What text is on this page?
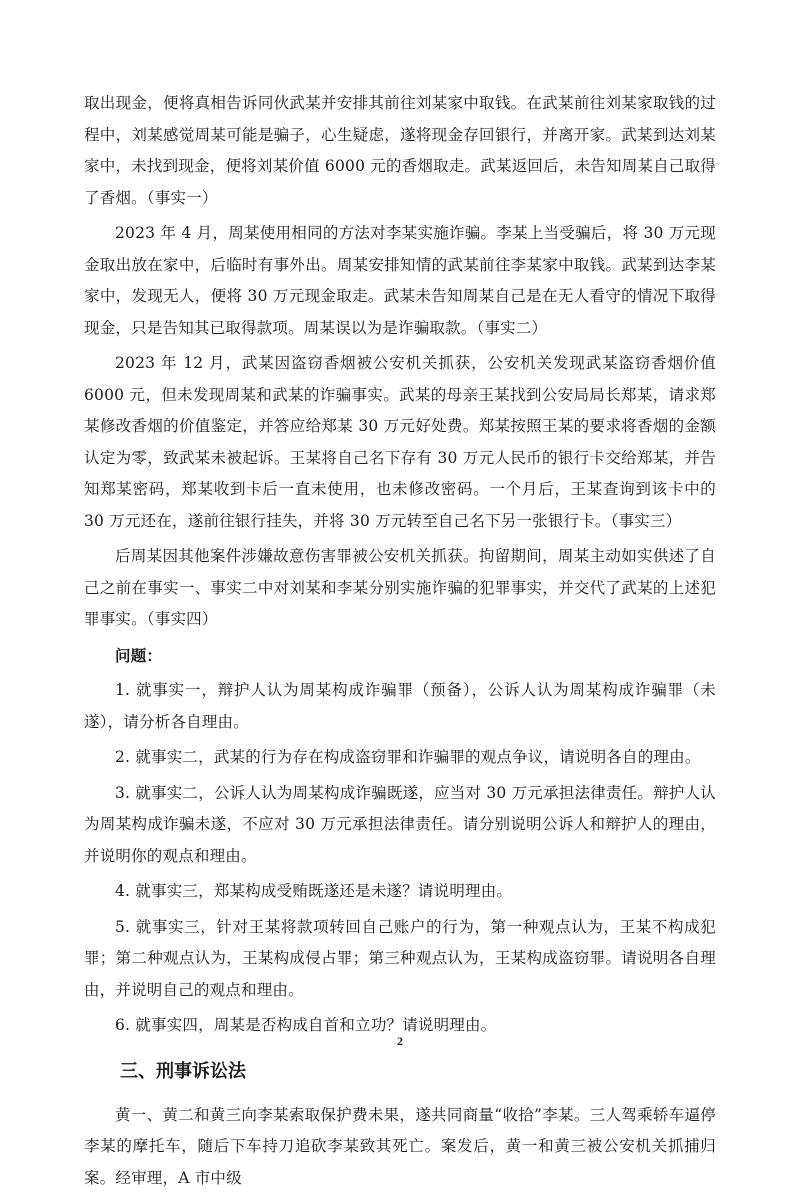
取出现金，便将真相告诉同伙武某并安排其前往刘某家中取钱。在武某前往刘某家取钱的过程中，刘某感觉周某可能是骗子，心生疑虑，遂将现金存回银行，并离开家。武某到达刘某家中，未找到现金，便将刘某价值 6000 元的香烟取走。武某返回后，未告知周某自己取得了香烟。（事实一）

2023 年 4 月，周某使用相同的方法对李某实施诈骗。李某上当受骗后，将 30 万元现金取出放在家中，后临时有事外出。周某安排知情的武某前往李某家中取钱。武某到达李某家中，发现无人，便将 30 万元现金取走。武某未告知周某自己是在无人看守的情况下取得现金，只是告知其已取得款项。周某误以为是诈骗取款。（事实二）

2023 年 12 月，武某因盗窃香烟被公安机关抓获，公安机关发现武某盗窃香烟价值 6000 元，但未发现周某和武某的诈骗事实。武某的母亲王某找到公安局局长郑某，请求郑某修改香烟的价值鉴定，并答应给郑某 30 万元好处费。郑某按照王某的要求将香烟的金额认定为零，致武某未被起诉。王某将自己名下存有 30 万元人民币的银行卡交给郑某，并告知郑某密码，郑某收到卡后一直未使用，也未修改密码。一个月后，王某查询到该卡中的 30 万元还在，遂前往银行挂失，并将 30 万元转至自己名下另一张银行卡。（事实三）

后周某因其他案件涉嫌故意伤害罪被公安机关抓获。拘留期间，周某主动如实供述了自己之前在事实一、事实二中对刘某和李某分别实施诈骗的犯罪事实，并交代了武某的上述犯罪事实。（事实四）

问题：

1. 就事实一，辩护人认为周某构成诈骗罪（预备），公诉人认为周某构成诈骗罪（未遂），请分析各自理由。

2. 就事实二，武某的行为存在构成盗窃罪和诈骗罪的观点争议，请说明各自的理由。

3. 就事实二，公诉人认为周某构成诈骗既遂，应当对 30 万元承担法律责任。辩护人认为周某构成诈骗未遂，不应对 30 万元承担法律责任。请分别说明公诉人和辩护人的理由，并说明你的观点和理由。

4. 就事实三，郑某构成受贿既遂还是未遂？请说明理由。

5. 就事实三，针对王某将款项转回自己账户的行为，第一种观点认为，王某不构成犯罪；第二种观点认为，王某构成侵占罪；第三种观点认为，王某构成盗窃罪。请说明各自理由，并说明自己的观点和理由。

6. 就事实四，周某是否构成自首和立功？请说明理由。

三、刑事诉讼法

黄一、黄二和黄三向李某索取保护费未果，遂共同商量“收拾”李某。三人驾乘轿车逼停李某的摩托车，随后下车持刀追砍李某致其死亡。案发后，黄一和黄三被公安机关抓捕归案。经审理，A 市中级

2
